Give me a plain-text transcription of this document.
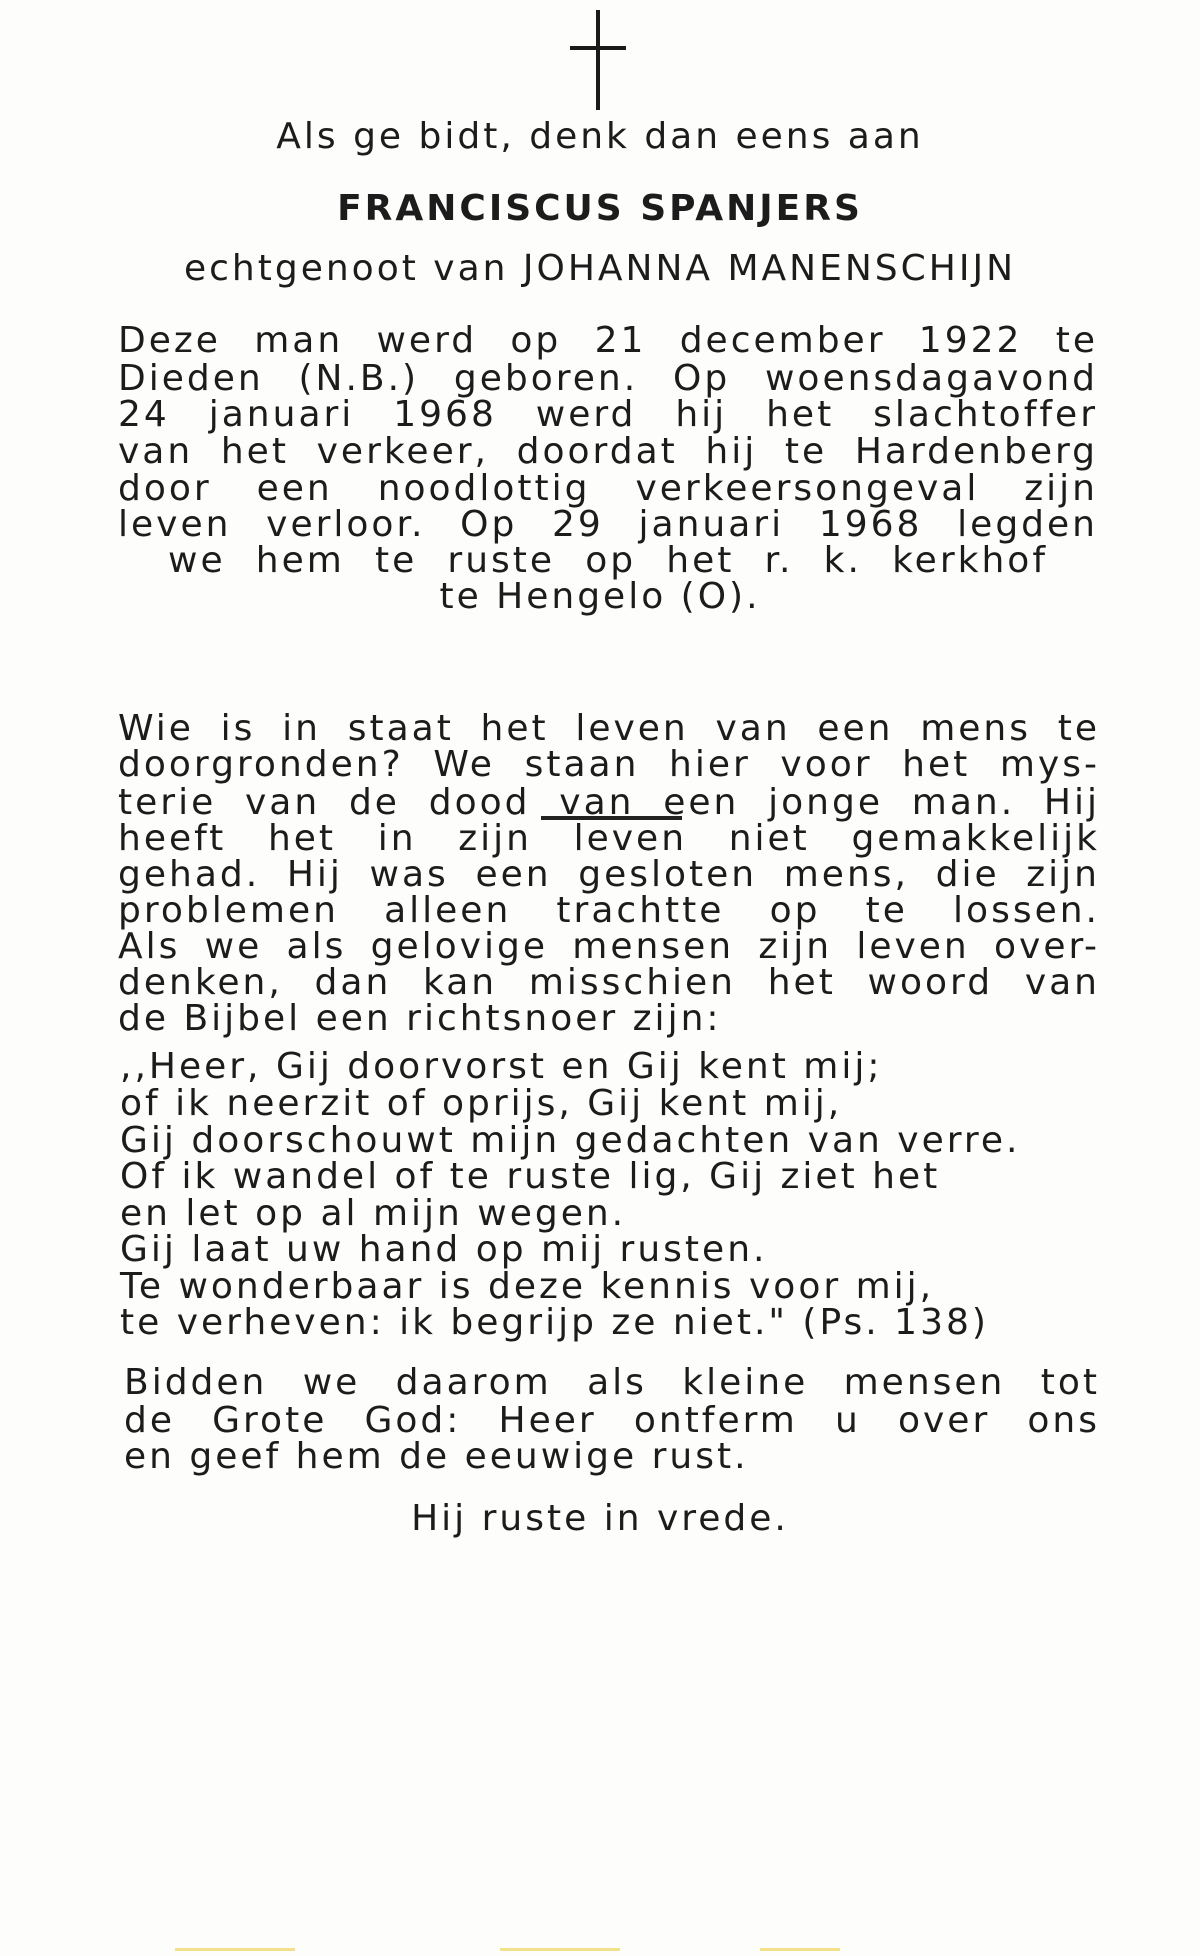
Als ge bidt, denk dan eens aan
FRANCISCUS SPANJERS
echtgenoot van JOHANNA MANENSCHIJN
Deze man werd op 21 december 1922 te
Dieden (N.B.) geboren. Op woensdagavond
24 januari 1968 werd hij het slachtoffer
van het verkeer, doordat hij te Hardenberg
door een noodlottig verkeersongeval zijn
leven verloor. Op 29 januari 1968 legden
we hem te ruste op het r. k. kerkhof
te Hengelo (O).
Wie is in staat het leven van een mens te
doorgronden? We staan hier voor het mys-
terie van de dood van een jonge man. Hij
heeft het in zijn leven niet gemakkelijk
gehad. Hij was een gesloten mens, die zijn
problemen alleen trachtte op te lossen.
Als we als gelovige mensen zijn leven over-
denken, dan kan misschien het woord van
de Bijbel een richtsnoer zijn:
,,Heer, Gij doorvorst en Gij kent mij;
of ik neerzit of oprijs, Gij kent mij,
Gij doorschouwt mijn gedachten van verre.
Of ik wandel of te ruste lig, Gij ziet het
en let op al mijn wegen.
Gij laat uw hand op mij rusten.
Te wonderbaar is deze kennis voor mij,
te verheven: ik begrijp ze niet." (Ps. 138)
Bidden we daarom als kleine mensen tot
de Grote God: Heer ontferm u over ons
en geef hem de eeuwige rust.
Hij ruste in vrede.
